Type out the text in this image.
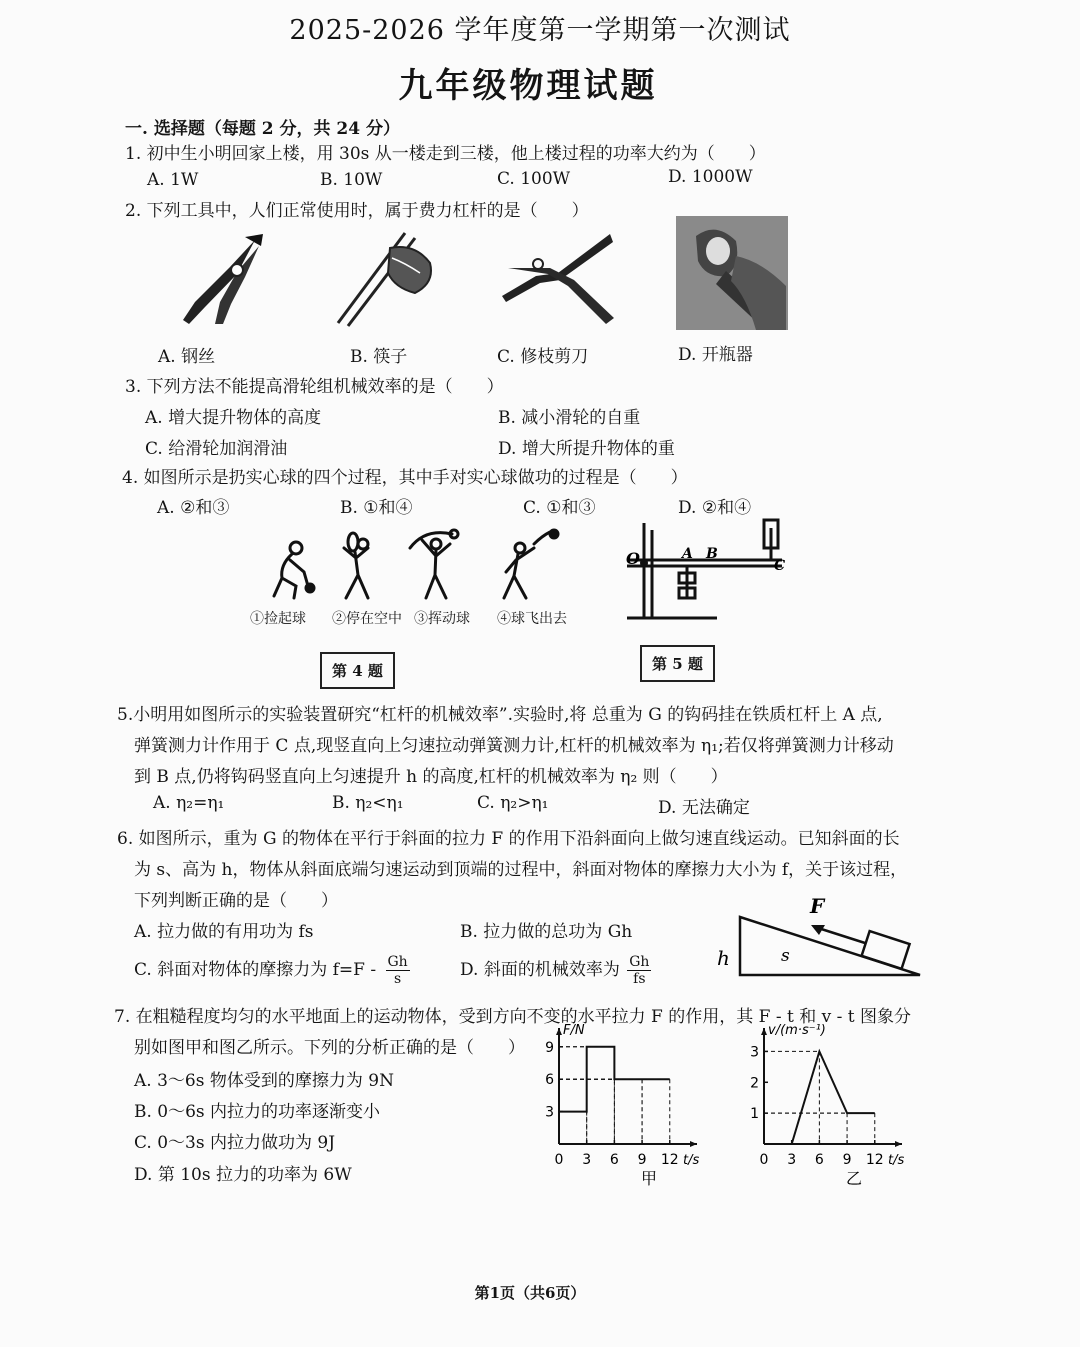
2025-2026 学年度第一学期第一次测试
九年级物理试题
一. 选择题（每题 2 分，共 24 分）
1. 初中生小明回家上楼，用 30s 从一楼走到三楼，他上楼过程的功率大约为（　　）
A. 1W	B. 10W	C. 100W	D. 1000W
2. 下列工具中，人们正常使用时，属于费力杠杆的是（　　）
A. 钢丝	B. 筷子	C. 修枝剪刀	D. 开瓶器
3. 下列方法不能提高滑轮组机械效率的是（　　）
A. 增大提升物体的高度	B. 减小滑轮的自重
C. 给滑轮加润滑油	D. 增大所提升物体的重
4. 如图所示是扔实心球的四个过程，其中手对实心球做功的过程是（　　）
A. ②和③	B. ①和④	C. ①和③	D. ②和④
①捡起球 ②停在空中 ③挥动球 ④球飞出去
第 4 题
O	A B
C
第 5 题
5.小明用如图所示的实验装置研究“杠杆的机械效率”.实验时,将 总重为 G 的钩码挂在铁质杠杆上 A 点,
弹簧测力计作用于 C 点,现竖直向上匀速拉动弹簧测力计,杠杆的机械效率为 η₁;若仅将弹簧测力计移动
到 B 点,仍将钩码竖直向上匀速提升 h 的高度,杠杆的机械效率为 η₂ 则（　　）
A. η₂=η₁	B. η₂<η₁	C. η₂>η₁	D. 无法确定
6. 如图所示，重为 G 的物体在平行于斜面的拉力 F 的作用下沿斜面向上做匀速直线运动。已知斜面的长
为 s、高为 h，物体从斜面底端匀速运动到顶端的过程中，斜面对物体的摩擦力大小为 f，关于该过程，
下列判断正确的是（　　）
A. 拉力做的有用功为 fs	B. 拉力做的总功为 Gh
C. 斜面对物体的摩擦力为 $f=F - \frac{Gh}{s}$	D. 斜面的机械效率为 $\frac{Gh}{fs}$
F
h	s
7. 在粗糙程度均匀的水平地面上的运动物体，受到方向不变的水平拉力 F 的作用，其 F - t 和 v - t 图象分
别如图甲和图乙所示。下列的分析正确的是（　　）
A. 3～6s 物体受到的摩擦力为 9N
B. 0～6s 内拉力的功率逐渐变小
C. 0～3s 内拉力做功为 9J
D. 第 10s 拉力的功率为 6W
F/N
t/s
0 3 6 9 12
3
6
9
甲
v/(m·s⁻¹)
t/s
0 3 6 9 12
1
2
3
乙
第1页（共6页）
